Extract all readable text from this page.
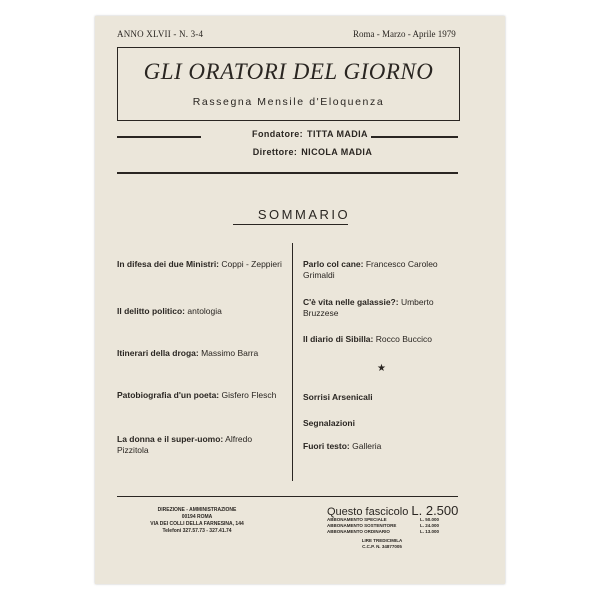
ANNO XLVII - N. 3-4	Roma - Marzo - Aprile 1979
GLI ORATORI DEL GIORNO
Rassegna Mensile d'Eloquenza
Fondatore: TITTA MADIA
Direttore: NICOLA MADIA
SOMMARIO
In difesa dei due Ministri: Coppi - Zeppieri
Il delitto politico: antologia
Itinerari della droga: Massimo Barra
Patobiografia d'un poeta: Gisfero Flesch
La donna e il super-uomo: Alfredo Pizzitola
Parlo col cane: Francesco Caroleo Grimaldi
C'è vita nelle galassie?: Umberto Bruzzese
Il diario di Sibilla: Rocco Buccico
★
Sorrisi Arsenicali
Segnalazioni
Fuori testo: Galleria
DIREZIONE - AMMINISTRAZIONE
00194 ROMA
VIA DEI COLLI DELLA FARNESINA, 144
Telefoni 327.57.73 - 327.41.74
Questo fascicolo L. 2.500
ABBONAMENTO SPECIALE	L. 50.000
ABBONAMENTO SOSTENITORE	L. 24.000
ABBONAMENTO ORDINARIO	L. 13.000
LIRE TREDICIMILA
C.C.P. N. 34877005
